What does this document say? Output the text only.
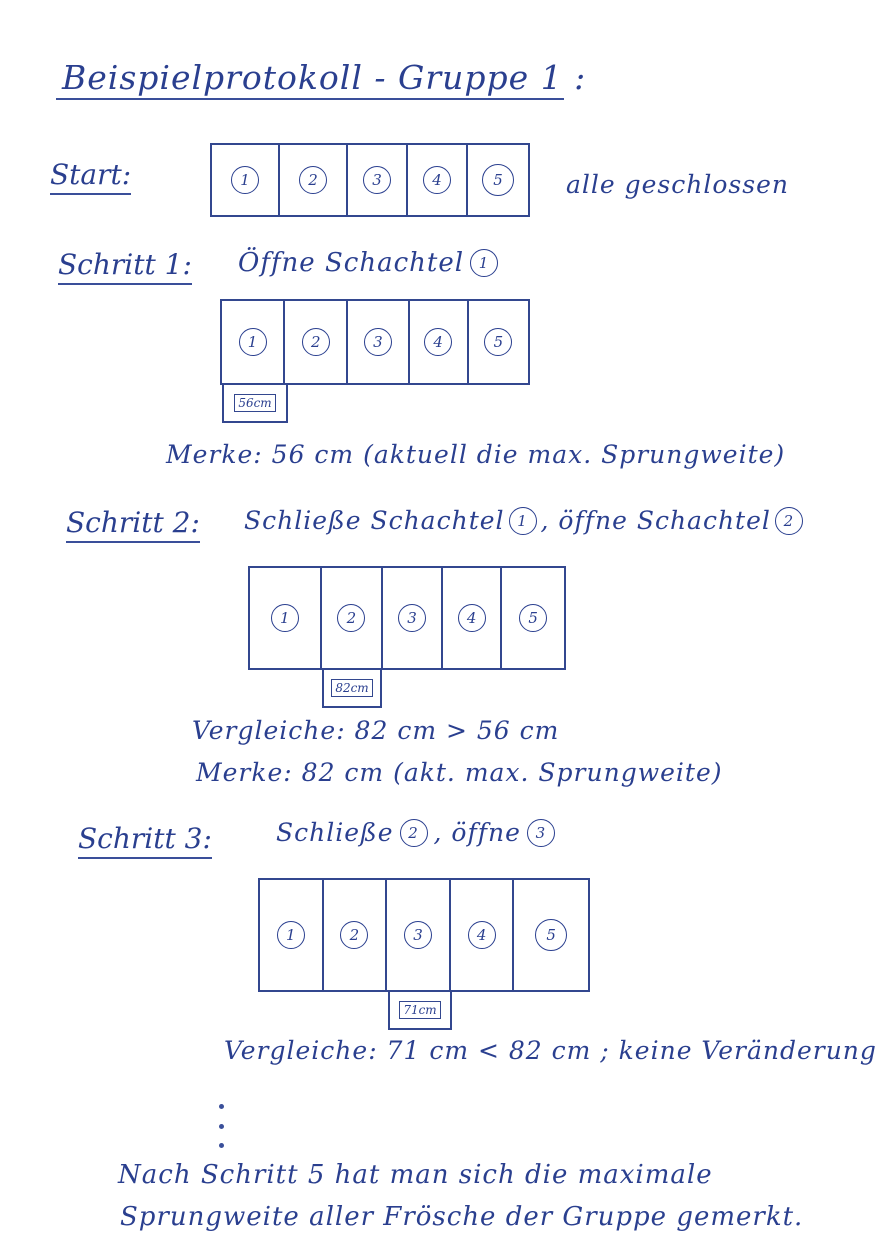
Beispielprotokoll - Gruppe 1 :
Start:	1	2	3	4	5	alle geschlossen
Schritt 1: Öffne Schachtel 1
1	2	3	4	5
56cm
Merke: 56 cm (aktuell die max. Sprungweite)
Schritt 2: Schließe Schachtel 1 , öffne Schachtel 2
1	2	3	4	5
82cm
Vergleiche: 82 cm > 56 cm
Merke: 82 cm (akt. max. Sprungweite)
Schritt 3:	Schließe 2 , öffne 3
1	2	3	4	5
71cm
Vergleiche: 71 cm < 82 cm ; keine Veränderung
Nach Schritt 5 hat man sich die maximale
Sprungweite aller Frösche der Gruppe gemerkt.
